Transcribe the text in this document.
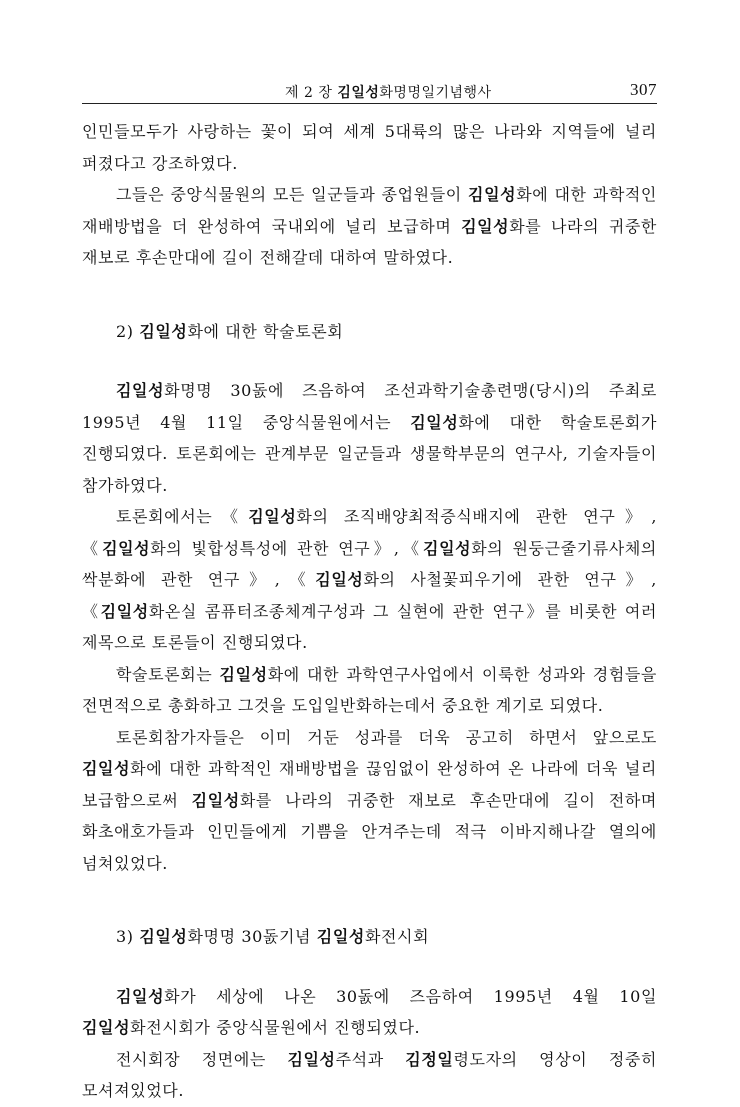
제 2 장 김일성화명명일기념행사	307

인민들모두가 사랑하는 꽃이 되여 세계 5대륙의 많은 나라와 지역들에 널리 퍼졌다고 강조하였다.

그들은 중앙식물원의 모든 일군들과 종업원들이 김일성화에 대한 과학적인 재배방법을 더 완성하여 국내외에 널리 보급하며 김일성화를 나라의 귀중한 재보로 후손만대에 길이 전해갈데 대하여 말하였다.

2) 김일성화에 대한 학술토론회

김일성화명명 30돐에 즈음하여 조선과학기술총련맹(당시)의 주최로 1995년 4월 11일 중앙식물원에서는 김일성화에 대한 학술토론회가 진행되였다. 토론회에는 관계부문 일군들과 생물학부문의 연구사, 기술자들이 참가하였다.

토론회에서는《김일성화의 조직배양최적증식배지에 관한 연구》,《김일성화의 빛합성특성에 관한 연구》,《김일성화의 원둥근줄기류사체의 싹분화에 관한 연구》,《김일성화의 사철꽃피우기에 관한 연구》,《김일성화온실 콤퓨터조종체계구성과 그 실현에 관한 연구》를 비롯한 여러 제목으로 토론들이 진행되였다.

학술토론회는 김일성화에 대한 과학연구사업에서 이룩한 성과와 경험들을 전면적으로 총화하고 그것을 도입일반화하는데서 중요한 계기로 되였다.

토론회참가자들은 이미 거둔 성과를 더욱 공고히 하면서 앞으로도 김일성화에 대한 과학적인 재배방법을 끊임없이 완성하여 온 나라에 더욱 널리 보급함으로써 김일성화를 나라의 귀중한 재보로 후손만대에 길이 전하며 화초애호가들과 인민들에게 기쁨을 안겨주는데 적극 이바지해나갈 열의에 넘쳐있었다.

3) 김일성화명명 30돐기념 김일성화전시회

김일성화가 세상에 나온 30돐에 즈음하여 1995년 4월 10일 김일성화전시회가 중앙식물원에서 진행되였다.

전시회장 정면에는 김일성주석과 김정일령도자의 영상이 정중히 모셔져있었다.
